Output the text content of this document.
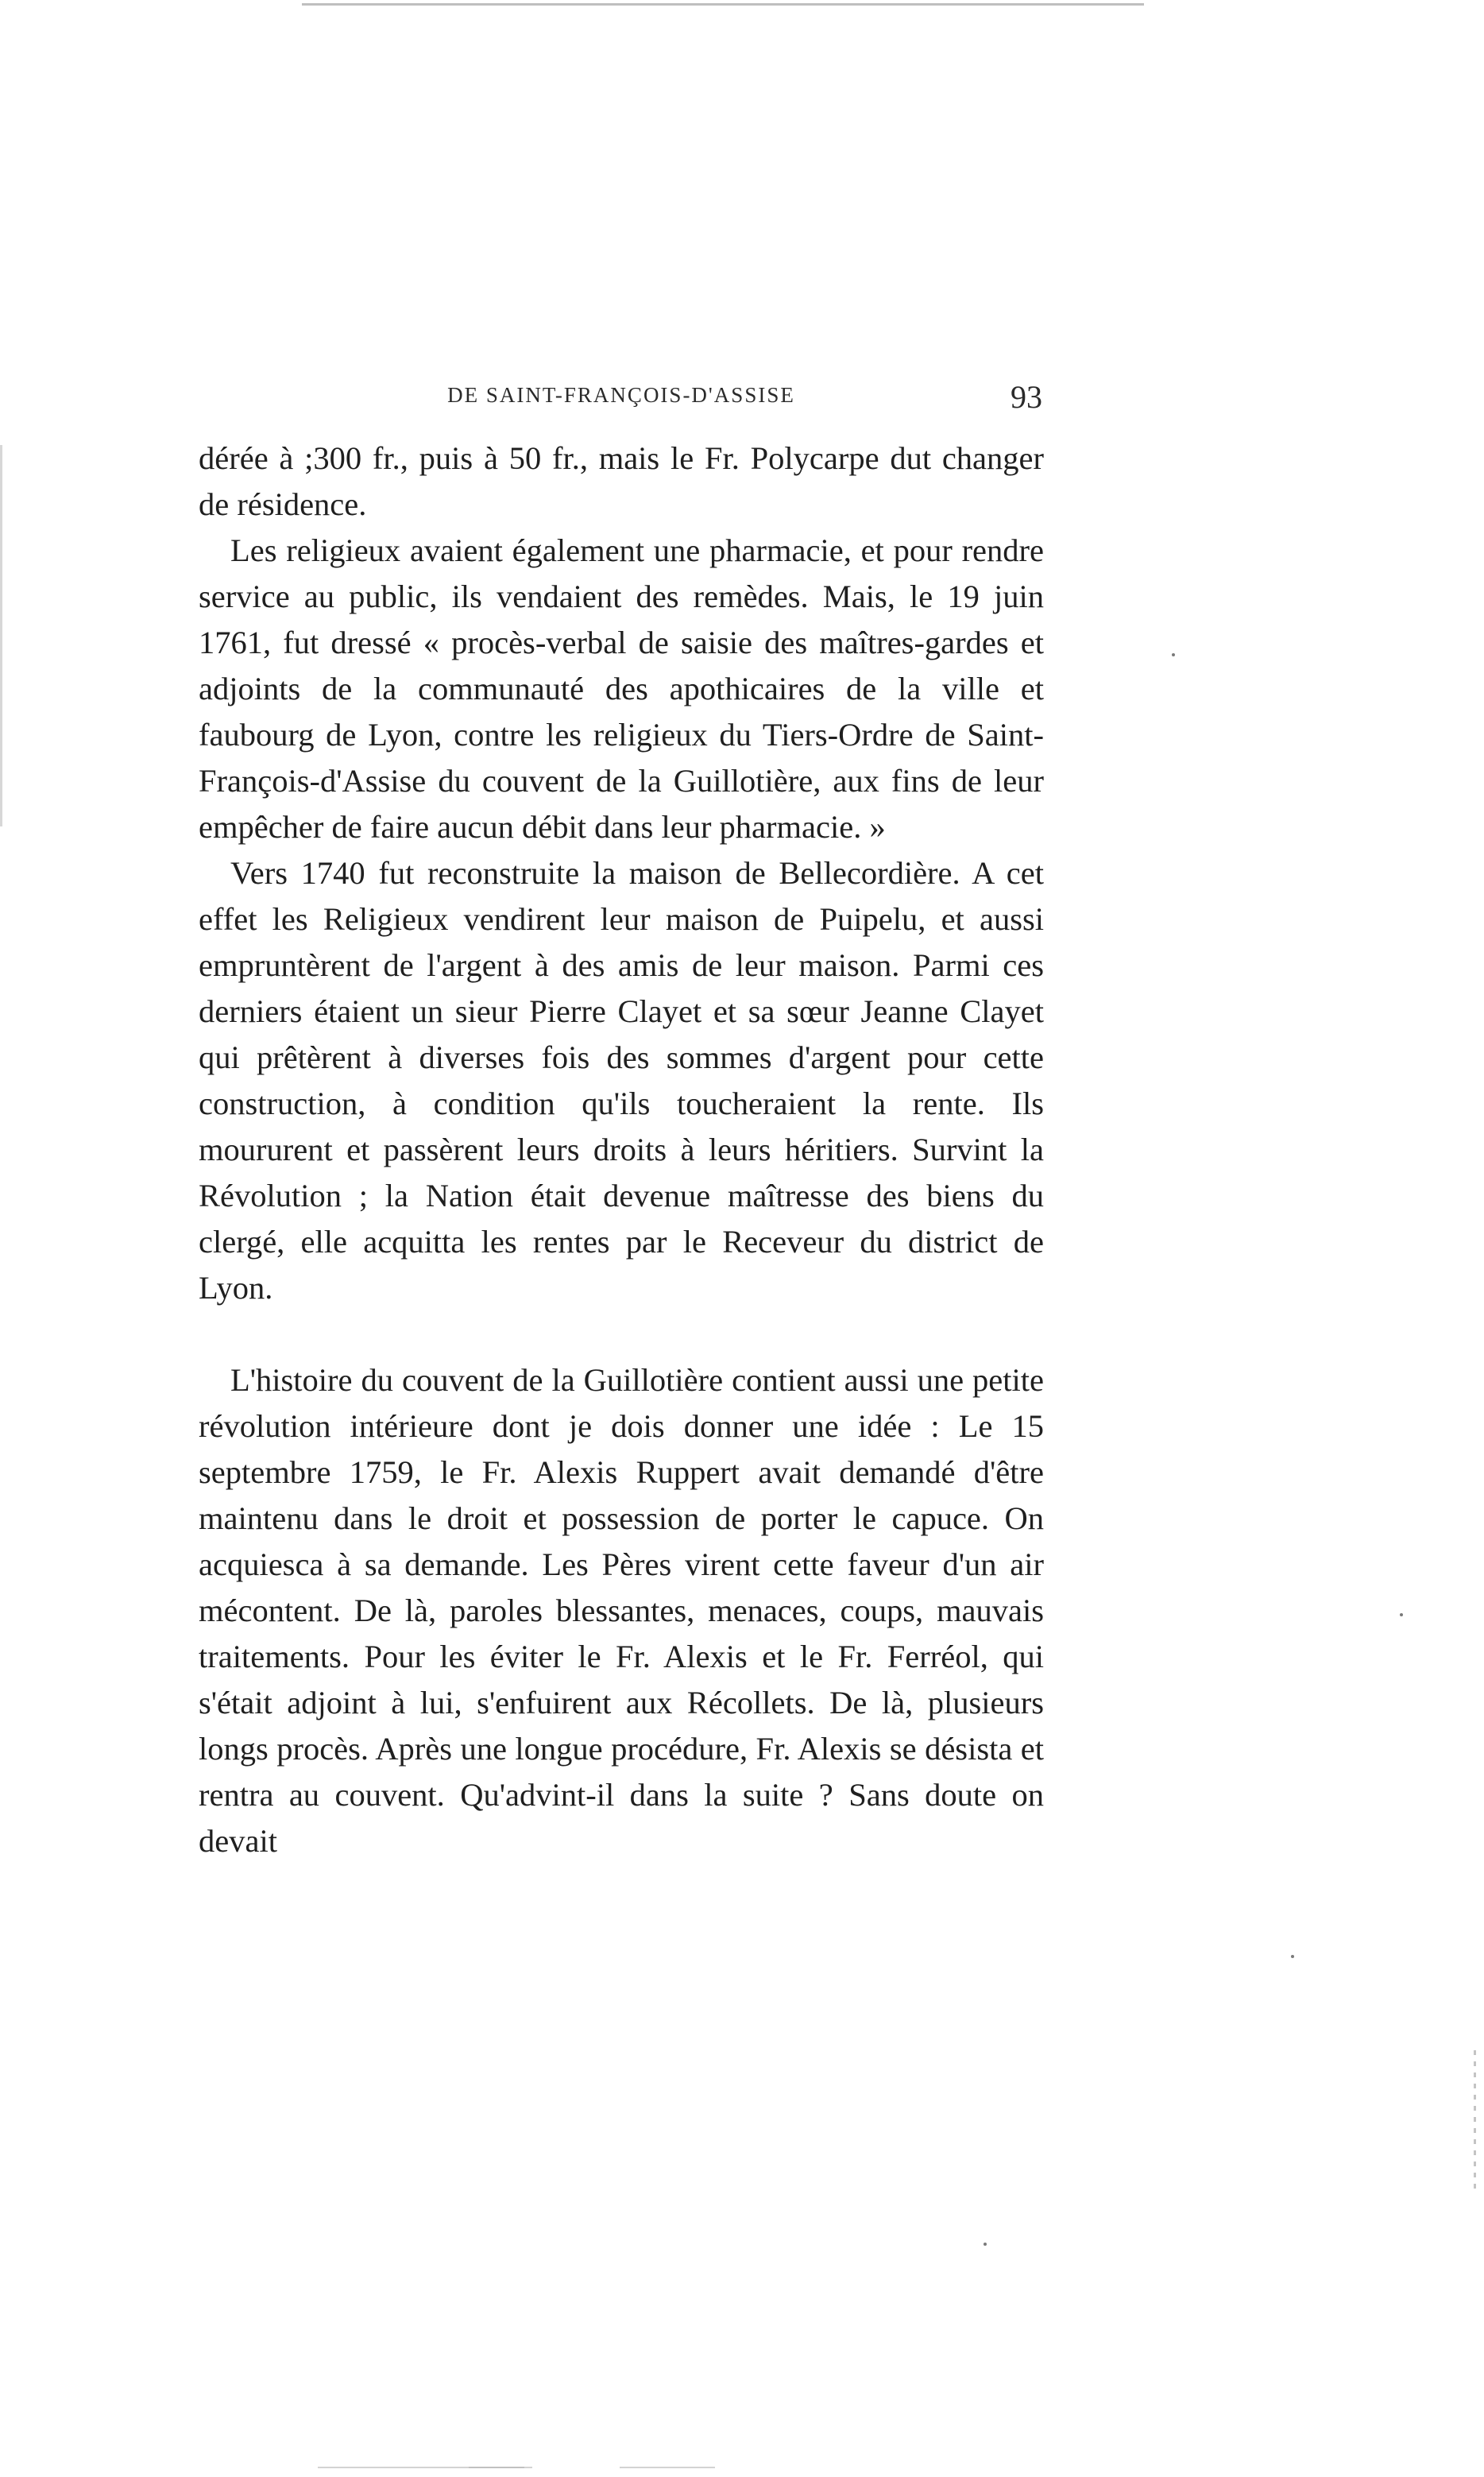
DE SAINT-FRANÇOIS-D'ASSISE	93

dérée à ;300 fr., puis à 50 fr., mais le Fr. Polycarpe dut changer de résidence.

Les religieux avaient également une pharmacie, et pour rendre service au public, ils vendaient des remèdes. Mais, le 19 juin 1761, fut dressé « procès-verbal de saisie des maîtres-gardes et adjoints de la communauté des apothicaires de la ville et faubourg de Lyon, contre les religieux du Tiers-Ordre de Saint-François-d'Assise du couvent de la Guillotière, aux fins de leur empêcher de faire aucun débit dans leur pharmacie. »

Vers 1740 fut reconstruite la maison de Bellecordière. A cet effet les Religieux vendirent leur maison de Puipelu, et aussi empruntèrent de l'argent à des amis de leur maison. Parmi ces derniers étaient un sieur Pierre Clayet et sa sœur Jeanne Clayet qui prêtèrent à diverses fois des sommes d'argent pour cette construction, à condition qu'ils toucheraient la rente. Ils moururent et passèrent leurs droits à leurs héritiers. Survint la Révolution ; la Nation était devenue maîtresse des biens du clergé, elle acquitta les rentes par le Receveur du district de Lyon.

L'histoire du couvent de la Guillotière contient aussi une petite révolution intérieure dont je dois donner une idée : Le 15 septembre 1759, le Fr. Alexis Ruppert avait demandé d'être maintenu dans le droit et possession de porter le capuce. On acquiesca à sa demande. Les Pères virent cette faveur d'un air mécontent. De là, paroles blessantes, menaces, coups, mauvais traitements. Pour les éviter le Fr. Alexis et le Fr. Ferréol, qui s'était adjoint à lui, s'enfuirent aux Récollets. De là, plusieurs longs procès. Après une longue procédure, Fr. Alexis se désista et rentra au couvent. Qu'advint-il dans la suite ? Sans doute on devait
